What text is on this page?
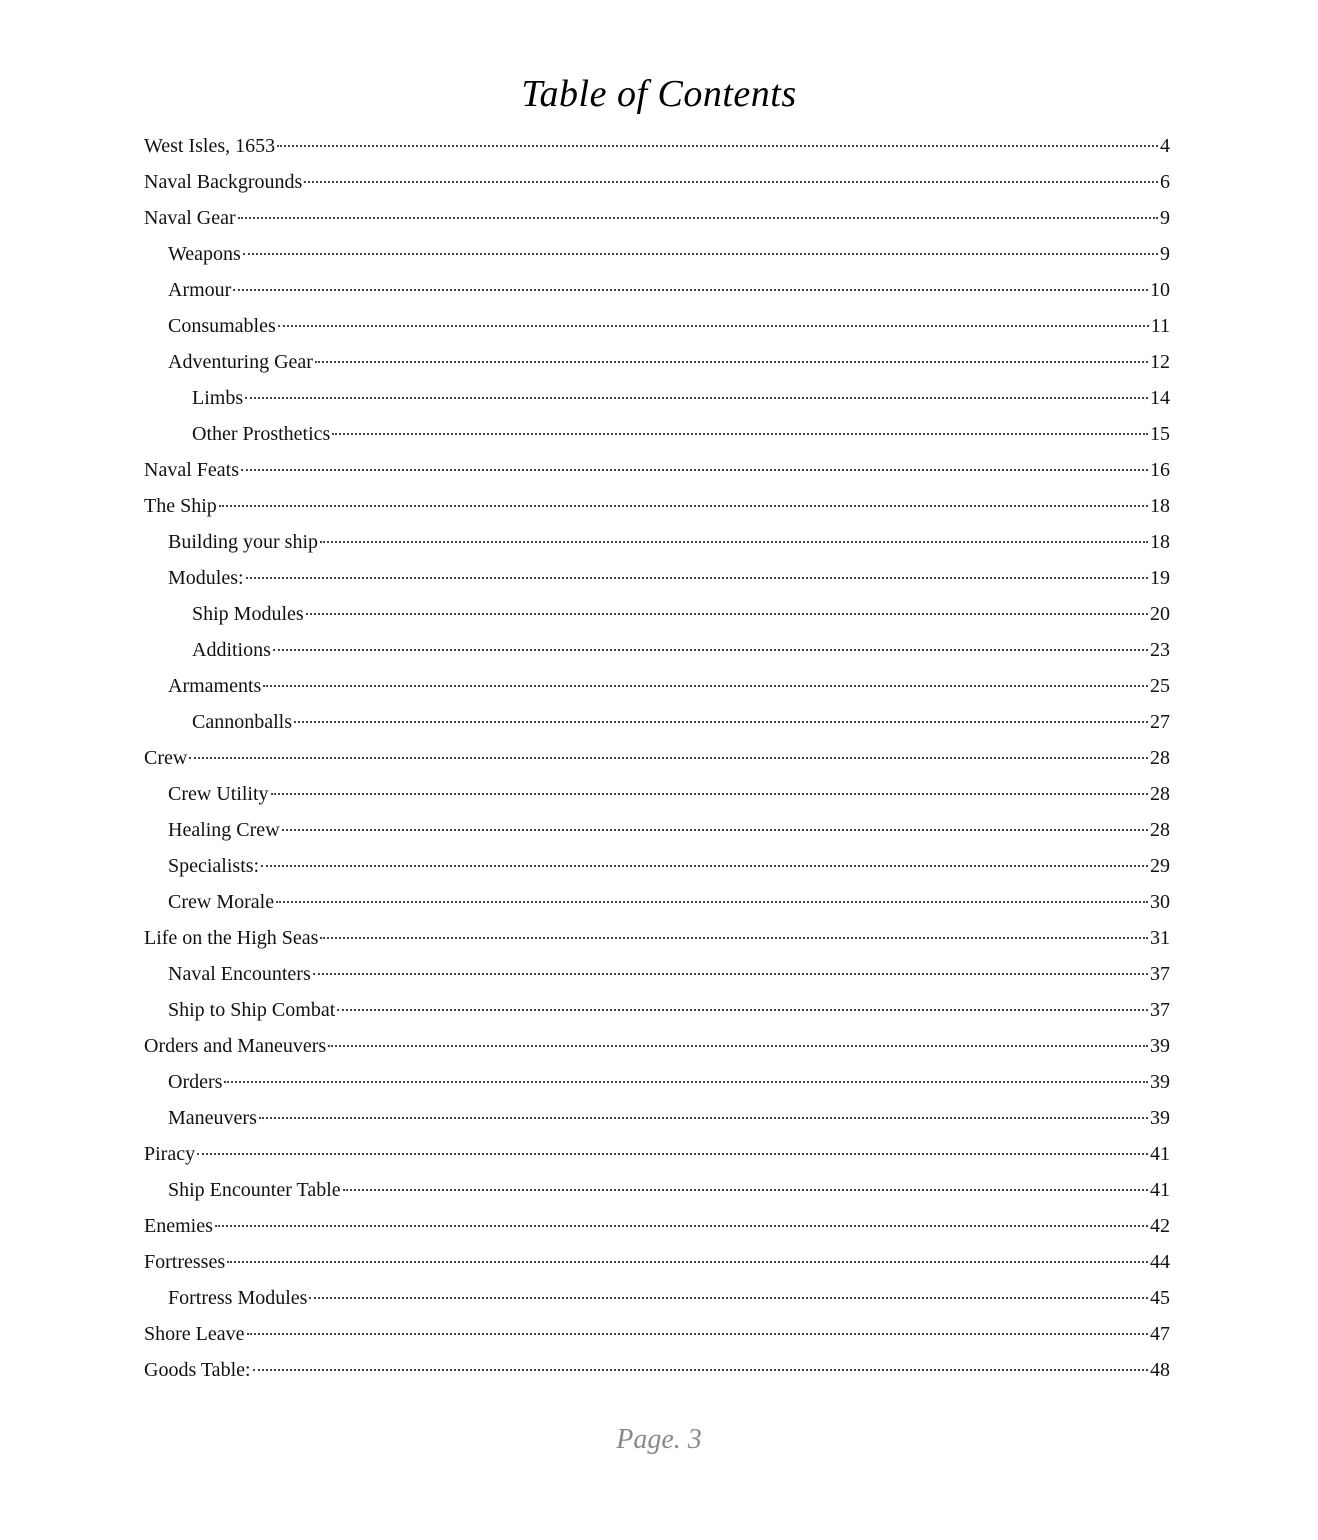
Table of Contents
West Isles, 1653	4
Naval Backgrounds	6
Naval Gear	9
Weapons	9
Armour	10
Consumables	11
Adventuring Gear	12
Limbs	14
Other Prosthetics	15
Naval Feats	16
The Ship	18
Building your ship	18
Modules:	19
Ship Modules	20
Additions	23
Armaments	25
Cannonballs	27
Crew	28
Crew Utility	28
Healing Crew	28
Specialists:	29
Crew Morale	30
Life on the High Seas	31
Naval Encounters	37
Ship to Ship Combat	37
Orders and Maneuvers	39
Orders	39
Maneuvers	39
Piracy	41
Ship Encounter Table	41
Enemies	42
Fortresses	44
Fortress Modules	45
Shore Leave	47
Goods Table:	48
Page. 3
